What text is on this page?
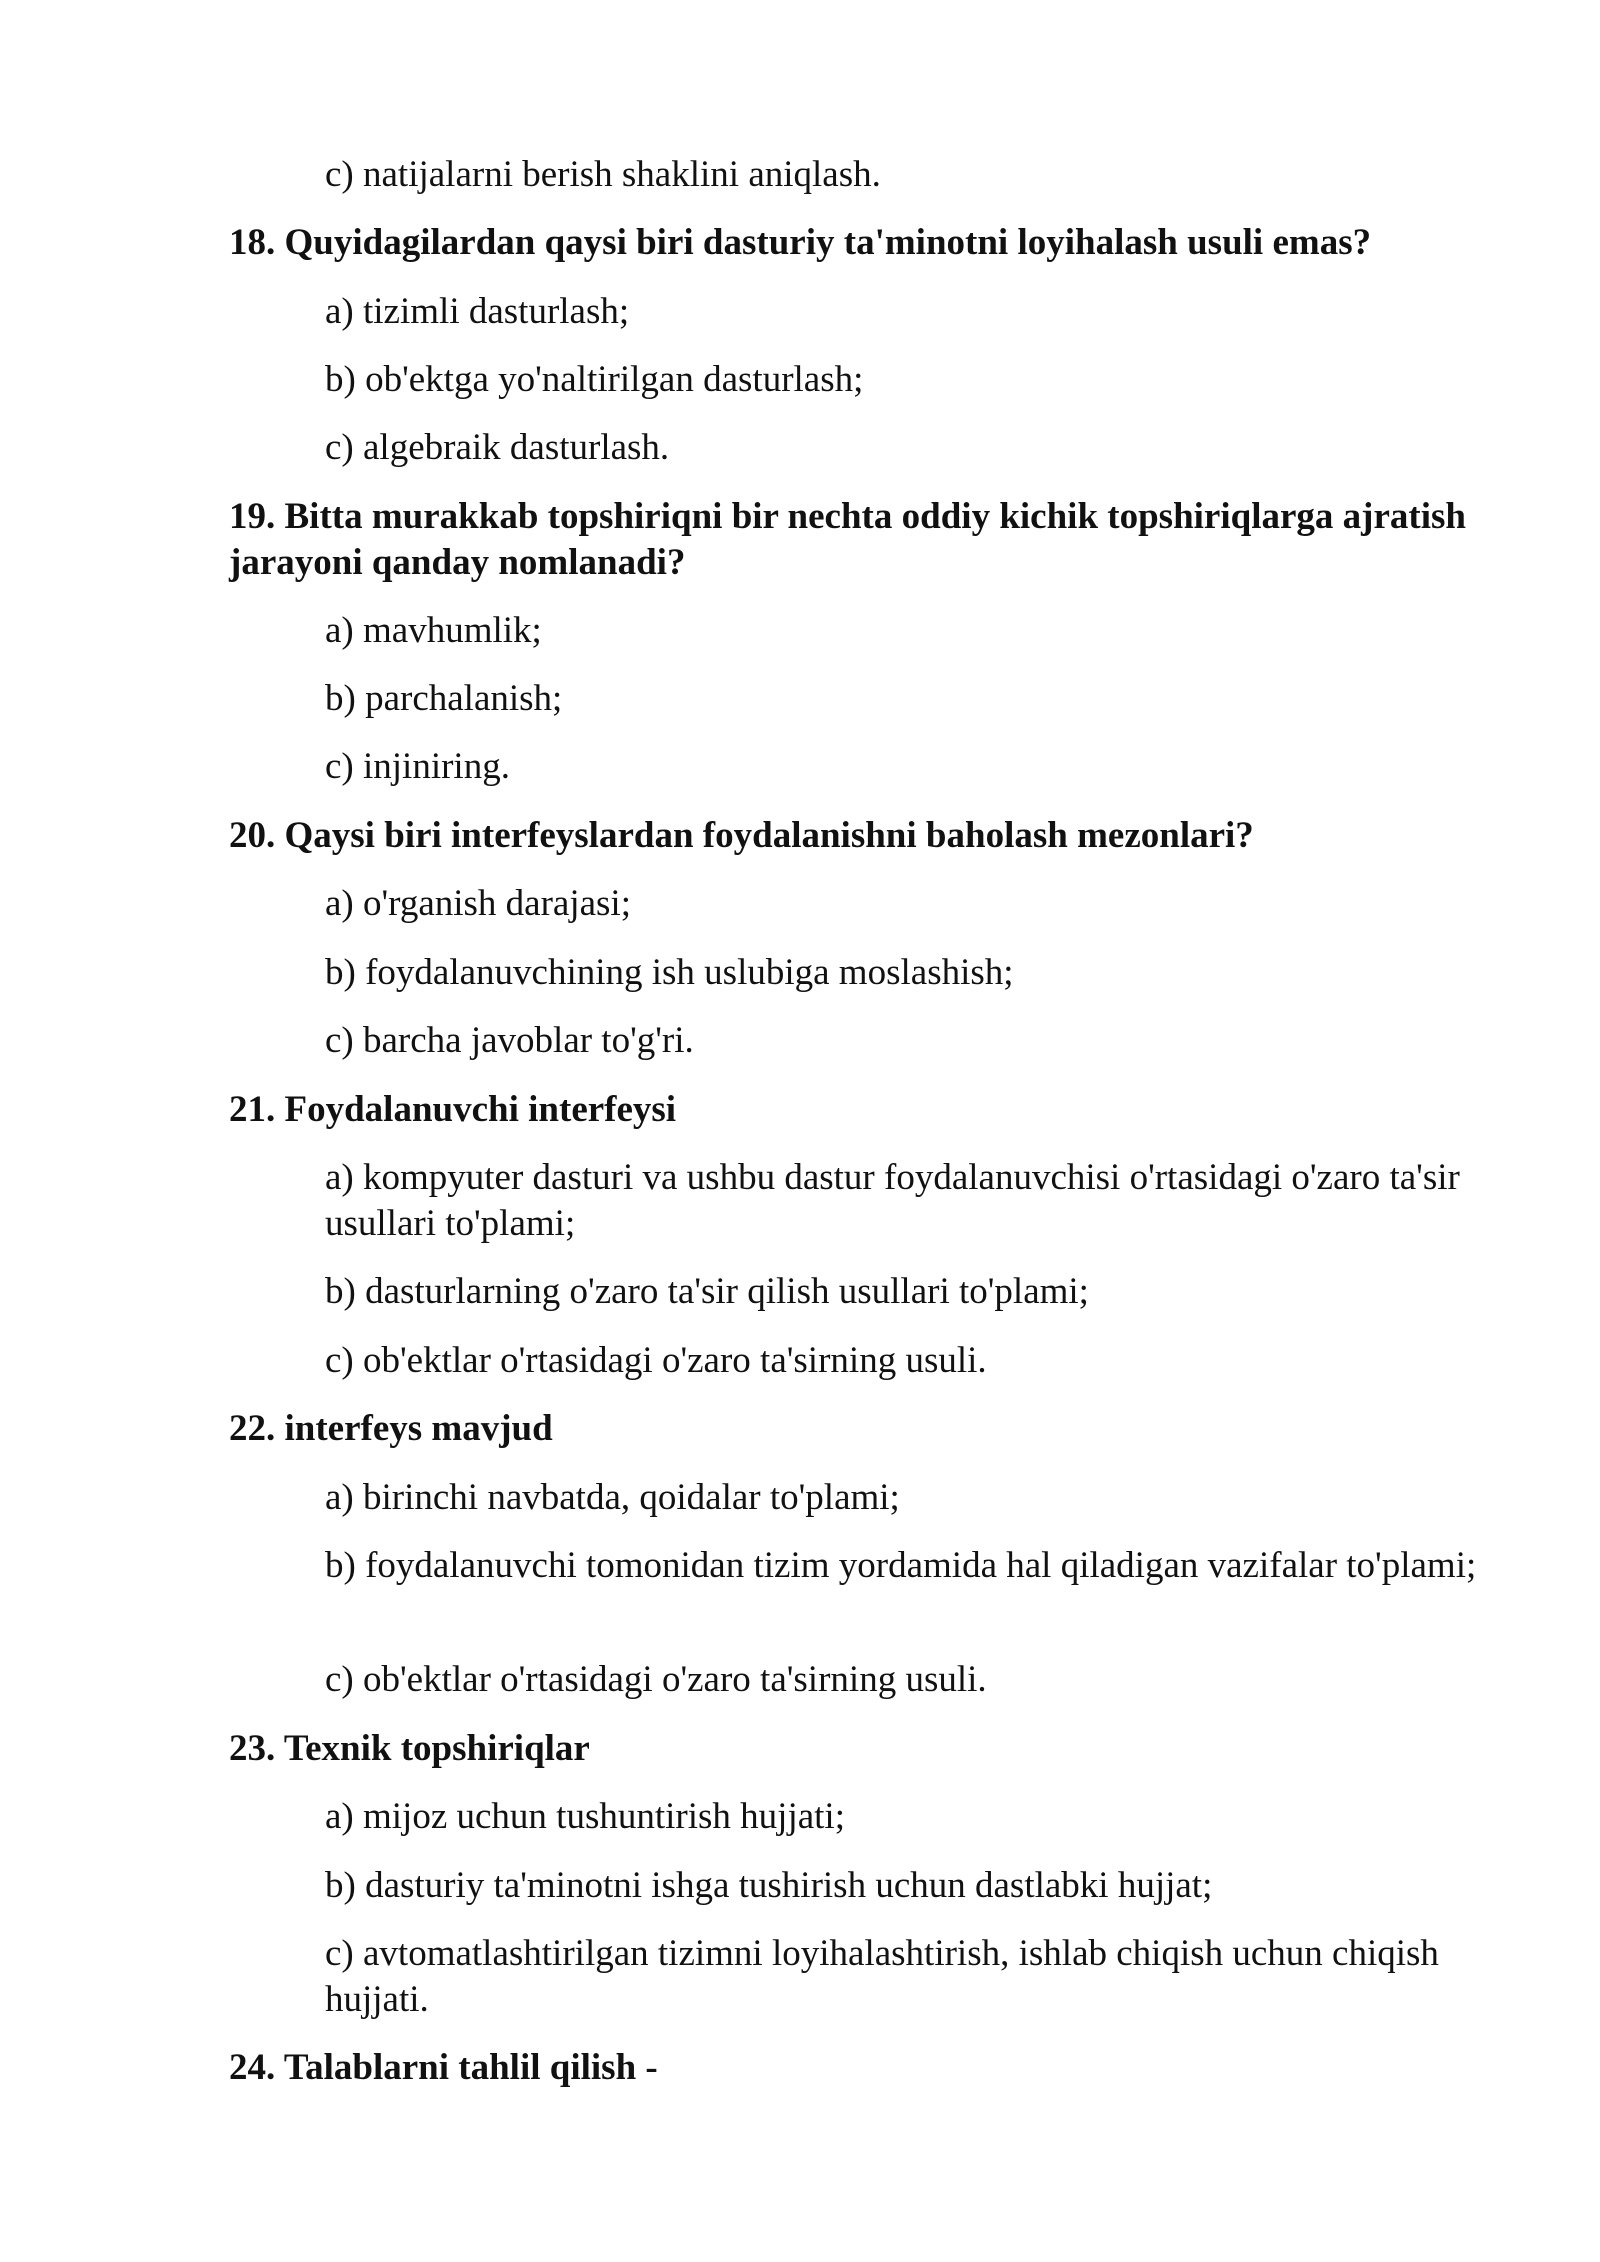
c) natijalarni berish shaklini aniqlash.
18. Quyidagilardan qaysi biri dasturiy ta'minotni loyihalash usuli emas?
a) tizimli dasturlash;
b) ob'ektga yo'naltirilgan dasturlash;
c) algebraik dasturlash.
19. Bitta murakkab topshiriqni bir nechta oddiy kichik topshiriqlarga ajratish jarayoni qanday nomlanadi?
a) mavhumlik;
b) parchalanish;
c) injiniring.
20. Qaysi biri interfeyslardan foydalanishni baholash mezonlari?
a) o'rganish darajasi;
b) foydalanuvchining ish uslubiga moslashish;
c) barcha javoblar to'g'ri.
21. Foydalanuvchi interfeysi
a) kompyuter dasturi va ushbu dastur foydalanuvchisi o'rtasidagi o'zaro ta'sir usullari to'plami;
b) dasturlarning o'zaro ta'sir qilish usullari to'plami;
c) ob'ektlar o'rtasidagi o'zaro ta'sirning usuli.
22. interfeys mavjud
a) birinchi navbatda, qoidalar to'plami;
b) foydalanuvchi tomonidan tizim yordamida hal qiladigan vazifalar to'plami;
c) ob'ektlar o'rtasidagi o'zaro ta'sirning usuli.
23. Texnik topshiriqlar
a) mijoz uchun tushuntirish hujjati;
b) dasturiy ta'minotni ishga tushirish uchun dastlabki hujjat;
c) avtomatlashtirilgan tizimni loyihalashtirish, ishlab chiqish uchun chiqish hujjati.
24. Talablarni tahlil qilish -
